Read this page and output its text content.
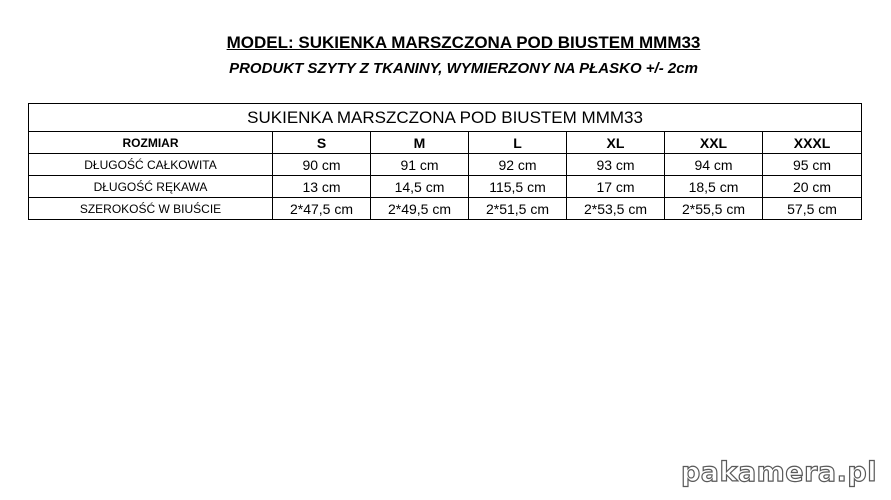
MODEL: SUKIENKA MARSZCZONA POD BIUSTEM MMM33
PRODUKT SZYTY Z TKANINY, WYMIERZONY NA PŁASKO +/- 2cm
SUKIENKA MARSZCZONA POD BIUSTEM MMM33						
ROZMIAR	S	M	L	XL	XXL	XXXL
DŁUGOŚĆ CAŁKOWITA	90 cm	91 cm	92 cm	93 cm	94 cm	95 cm
DŁUGOŚĆ RĘKAWA	13 cm	14,5 cm	115,5 cm	17 cm	18,5 cm	20 cm
SZEROKOŚĆ W BIUŚCIE	2*47,5 cm	2*49,5 cm	2*51,5 cm	2*53,5 cm	2*55,5 cm	57,5 cm
pakamera.pl
